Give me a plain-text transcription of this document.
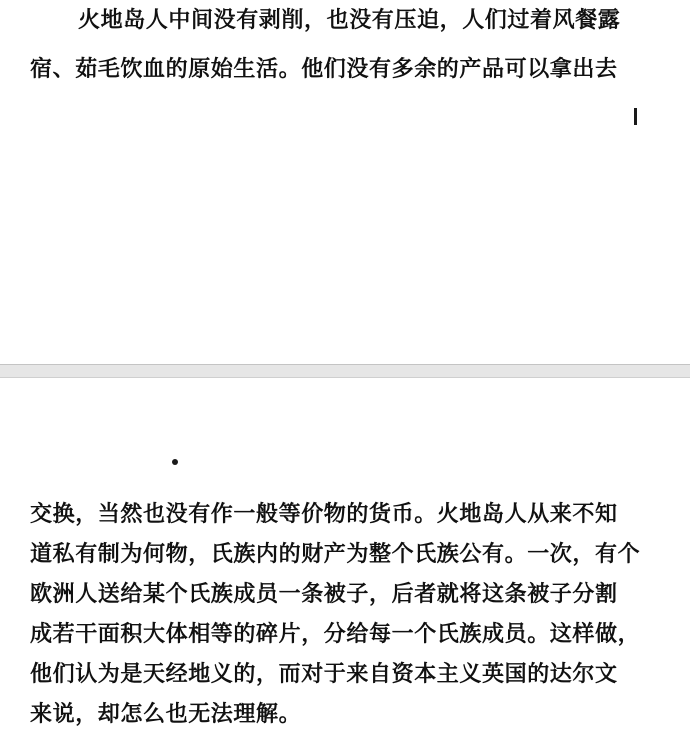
火地岛人中间没有剥削，也没有压迫，人们过着风餐露

宿、茹毛饮血的原始生活。他们没有多余的产品可以拿出去

交换，当然也没有作一般等价物的货币。火地岛人从来不知

道私有制为何物，氏族内的财产为整个氏族公有。一次，有个

欧洲人送给某个氏族成员一条被子，后者就将这条被子分割

成若干面积大体相等的碎片，分给每一个氏族成员。这样做，

他们认为是天经地义的，而对于来自资本主义英国的达尔文

来说，却怎么也无法理解。
